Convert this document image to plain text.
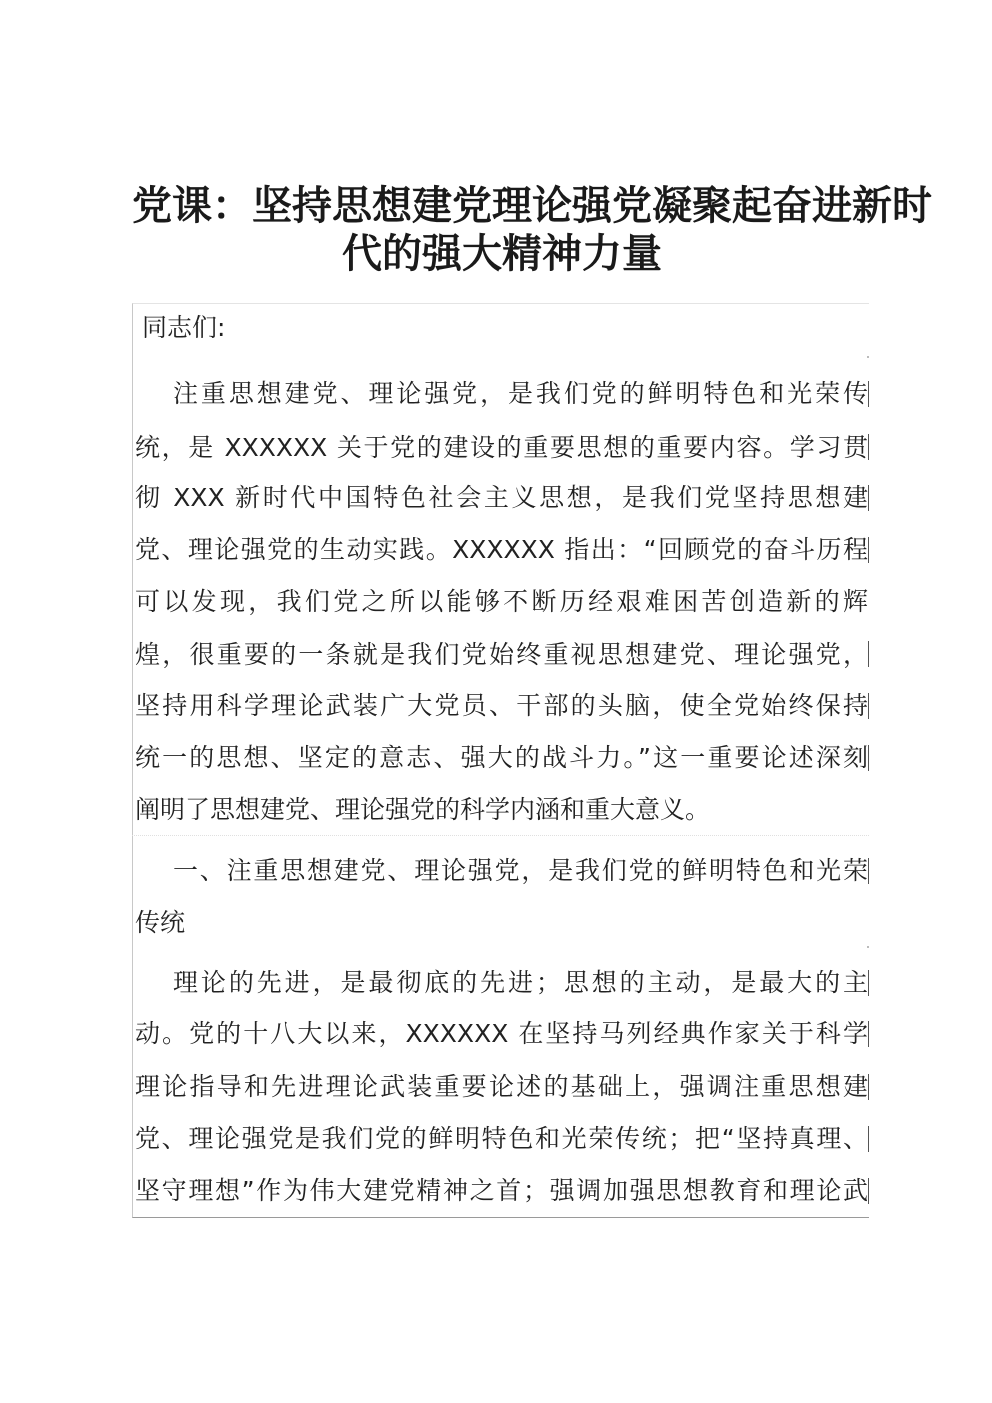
党课：坚持思想建党理论强党凝聚起奋进新时
代的强大精神力量
同志们:
注重思想建党、理论强党，是我们党的鲜明特色和光荣传
统，是 XXXXXX 关于党的建设的重要思想的重要内容。学习贯
彻 XXX 新时代中国特色社会主义思想，是我们党坚持思想建
党、理论强党的生动实践。XXXXXX 指出：“回顾党的奋斗历程
可以发现，我们党之所以能够不断历经艰难困苦创造新的辉
煌，很重要的一条就是我们党始终重视思想建党、理论强党，
坚持用科学理论武装广大党员、干部的头脑，使全党始终保持
统一的思想、坚定的意志、强大的战斗力。”这一重要论述深刻
阐明了思想建党、理论强党的科学内涵和重大意义。
一、注重思想建党、理论强党，是我们党的鲜明特色和光荣
传统
理论的先进，是最彻底的先进；思想的主动，是最大的主
动。党的十八大以来，XXXXXX 在坚持马列经典作家关于科学
理论指导和先进理论武装重要论述的基础上，强调注重思想建
党、理论强党是我们党的鲜明特色和光荣传统；把“坚持真理、
坚守理想”作为伟大建党精神之首；强调加强思想教育和理论武
